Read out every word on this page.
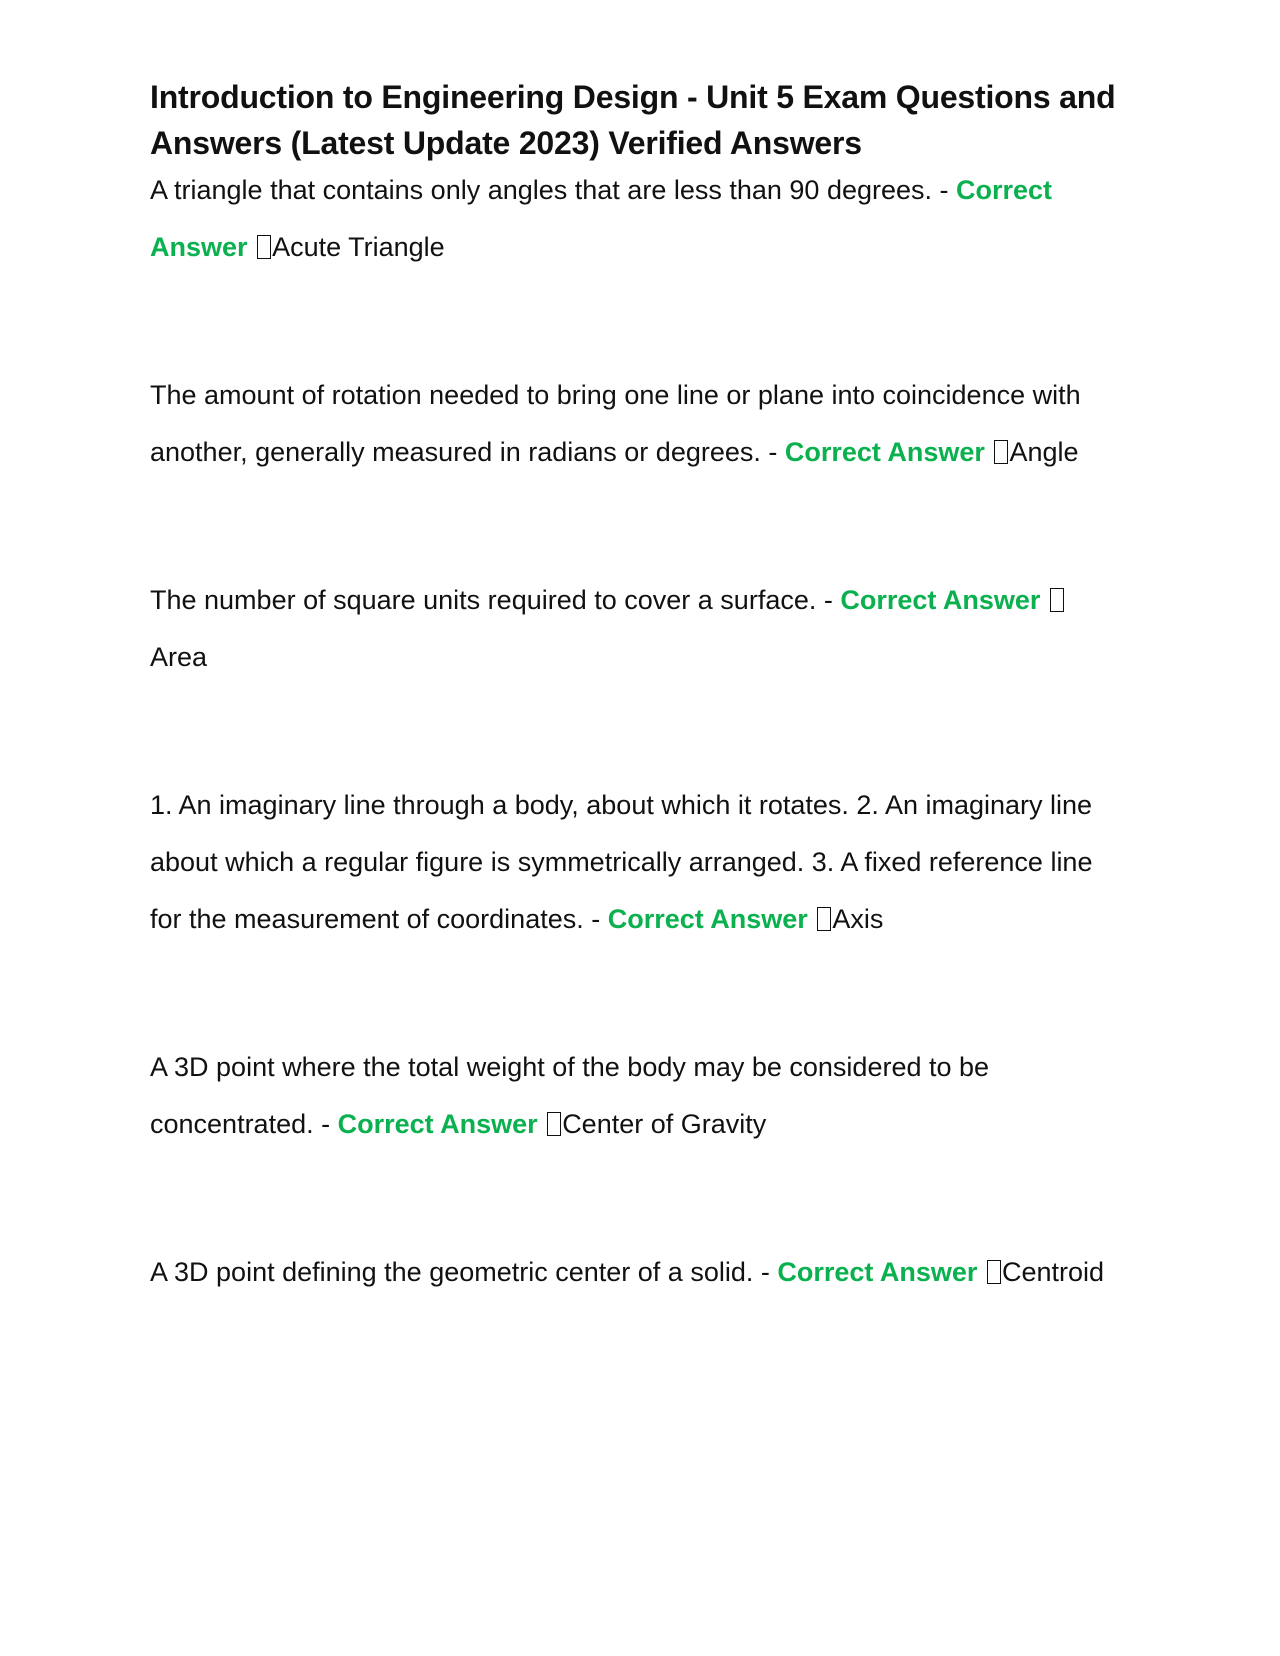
Introduction to Engineering Design - Unit 5 Exam Questions and Answers (Latest Update 2023) Verified Answers

A triangle that contains only angles that are less than 90 degrees. - Correct Answer Acute Triangle

The amount of rotation needed to bring one line or plane into coincidence with another, generally measured in radians or degrees. - Correct Answer Angle

The number of square units required to cover a surface. - Correct Answer Area

1. An imaginary line through a body, about which it rotates. 2. An imaginary line about which a regular figure is symmetrically arranged. 3. A fixed reference line for the measurement of coordinates. - Correct Answer Axis

A 3D point where the total weight of the body may be considered to be concentrated. - Correct Answer Center of Gravity

A 3D point defining the geometric center of a solid. - Correct Answer Centroid
